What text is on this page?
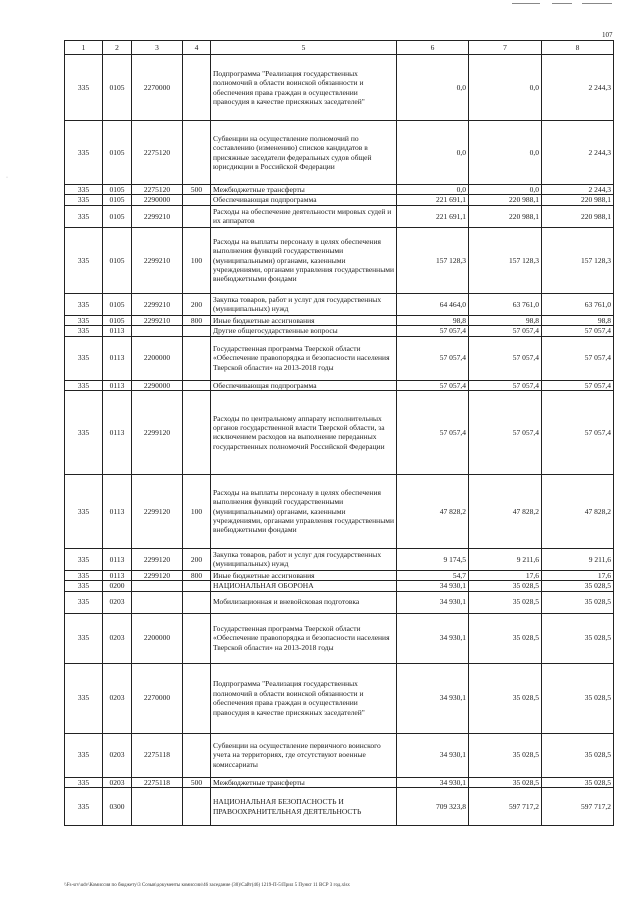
·
107
1	2	3	4	5	6	7	8
335	0105	2270000		Подпрограмма "Реализация государственных полномочий в области воинской обязанности и обеспечения права граждан в осуществлении правосудия в качестве присяжных заседателей"	0,0	0,0	2 244,3
335	0105	2275120		Субвенции на осуществление полномочий по составлению (изменению) списков кандидатов в присяжные заседатели федеральных судов общей юрисдикции в Российской Федерации	0,0	0,0	2 244,3
335	0105	2275120	500	Межбюджетные трансферты	0,0	0,0	2 244,3
335	0105	2290000		Обеспечивающая подпрограмма	221 691,1	220 988,1	220 988,1
335	0105	2299210		Расходы на обеспечение деятельности мировых судей и их аппаратов	221 691,1	220 988,1	220 988,1
335	0105	2299210	100	Расходы на выплаты персоналу в целях обеспечения выполнения функций государственными (муниципальными) органами, казенными учреждениями, органами управления государственными внебюджетными фондами	157 128,3	157 128,3	157 128,3
335	0105	2299210	200	Закупка товаров, работ и услуг для государственных (муниципальных) нужд	64 464,0	63 761,0	63 761,0
335	0105	2299210	800	Иные бюджетные ассигнования	98,8	98,8	98,8
335	0113			Другие общегосударственные вопросы	57 057,4	57 057,4	57 057,4
335	0113	2200000		Государственная программа Тверской области «Обеспечение правопорядка и безопасности населения Тверской области» на 2013-2018 годы	57 057,4	57 057,4	57 057,4
335	0113	2290000		Обеспечивающая подпрограмма	57 057,4	57 057,4	57 057,4
335	0113	2299120		Расходы по центральному аппарату исполнительных органов государственной власти Тверской области, за исключением расходов на выполнение переданных государственных полномочий Российской Федерации	57 057,4	57 057,4	57 057,4
335	0113	2299120	100	Расходы на выплаты персоналу в целях обеспечения выполнения функций государственными (муниципальными) органами, казенными учреждениями, органами управления государственными внебюджетными фондами	47 828,2	47 828,2	47 828,2
335	0113	2299120	200	Закупка товаров, работ и услуг для государственных (муниципальных) нужд	9 174,5	9 211,6	9 211,6
335	0113	2299120	800	Иные бюджетные ассигнования	54,7	17,6	17,6
335	0200			НАЦИОНАЛЬНАЯ ОБОРОНА	34 930,1	35 028,5	35 028,5
335	0203			Мобилизационная и вневойсковая подготовка	34 930,1	35 028,5	35 028,5
335	0203	2200000		Государственная программа Тверской области «Обеспечение правопорядка и безопасности населения Тверской области» на 2013-2018 годы	34 930,1	35 028,5	35 028,5
335	0203	2270000		Подпрограмма "Реализация государственных полномочий в области воинской обязанности и обеспечения права граждан в осуществлении правосудия в качестве присяжных заседателей"	34 930,1	35 028,5	35 028,5
335	0203	2275118		Субвенции на осуществление первичного воинского учета на территориях, где отсутствуют военные комиссариаты	34 930,1	35 028,5	35 028,5
335	0203	2275118	500	Межбюджетные трансферты	34 930,1	35 028,5	35 028,5
335	0300			НАЦИОНАЛЬНАЯ БЕЗОПАСНОСТЬ И ПРАВООХРАНИТЕЛЬНАЯ ДЕЯТЕЛЬНОСТЬ	709 323,8	597 717,2	597 717,2
\\Fs-srv\udv\Комиссия по бюджету\3 Созыв\документы комиссии\46 заседание (30)\Сайт(46) 1219-П-5\Прил 5 Пункт 11 ВСР 3 год.xlsx
